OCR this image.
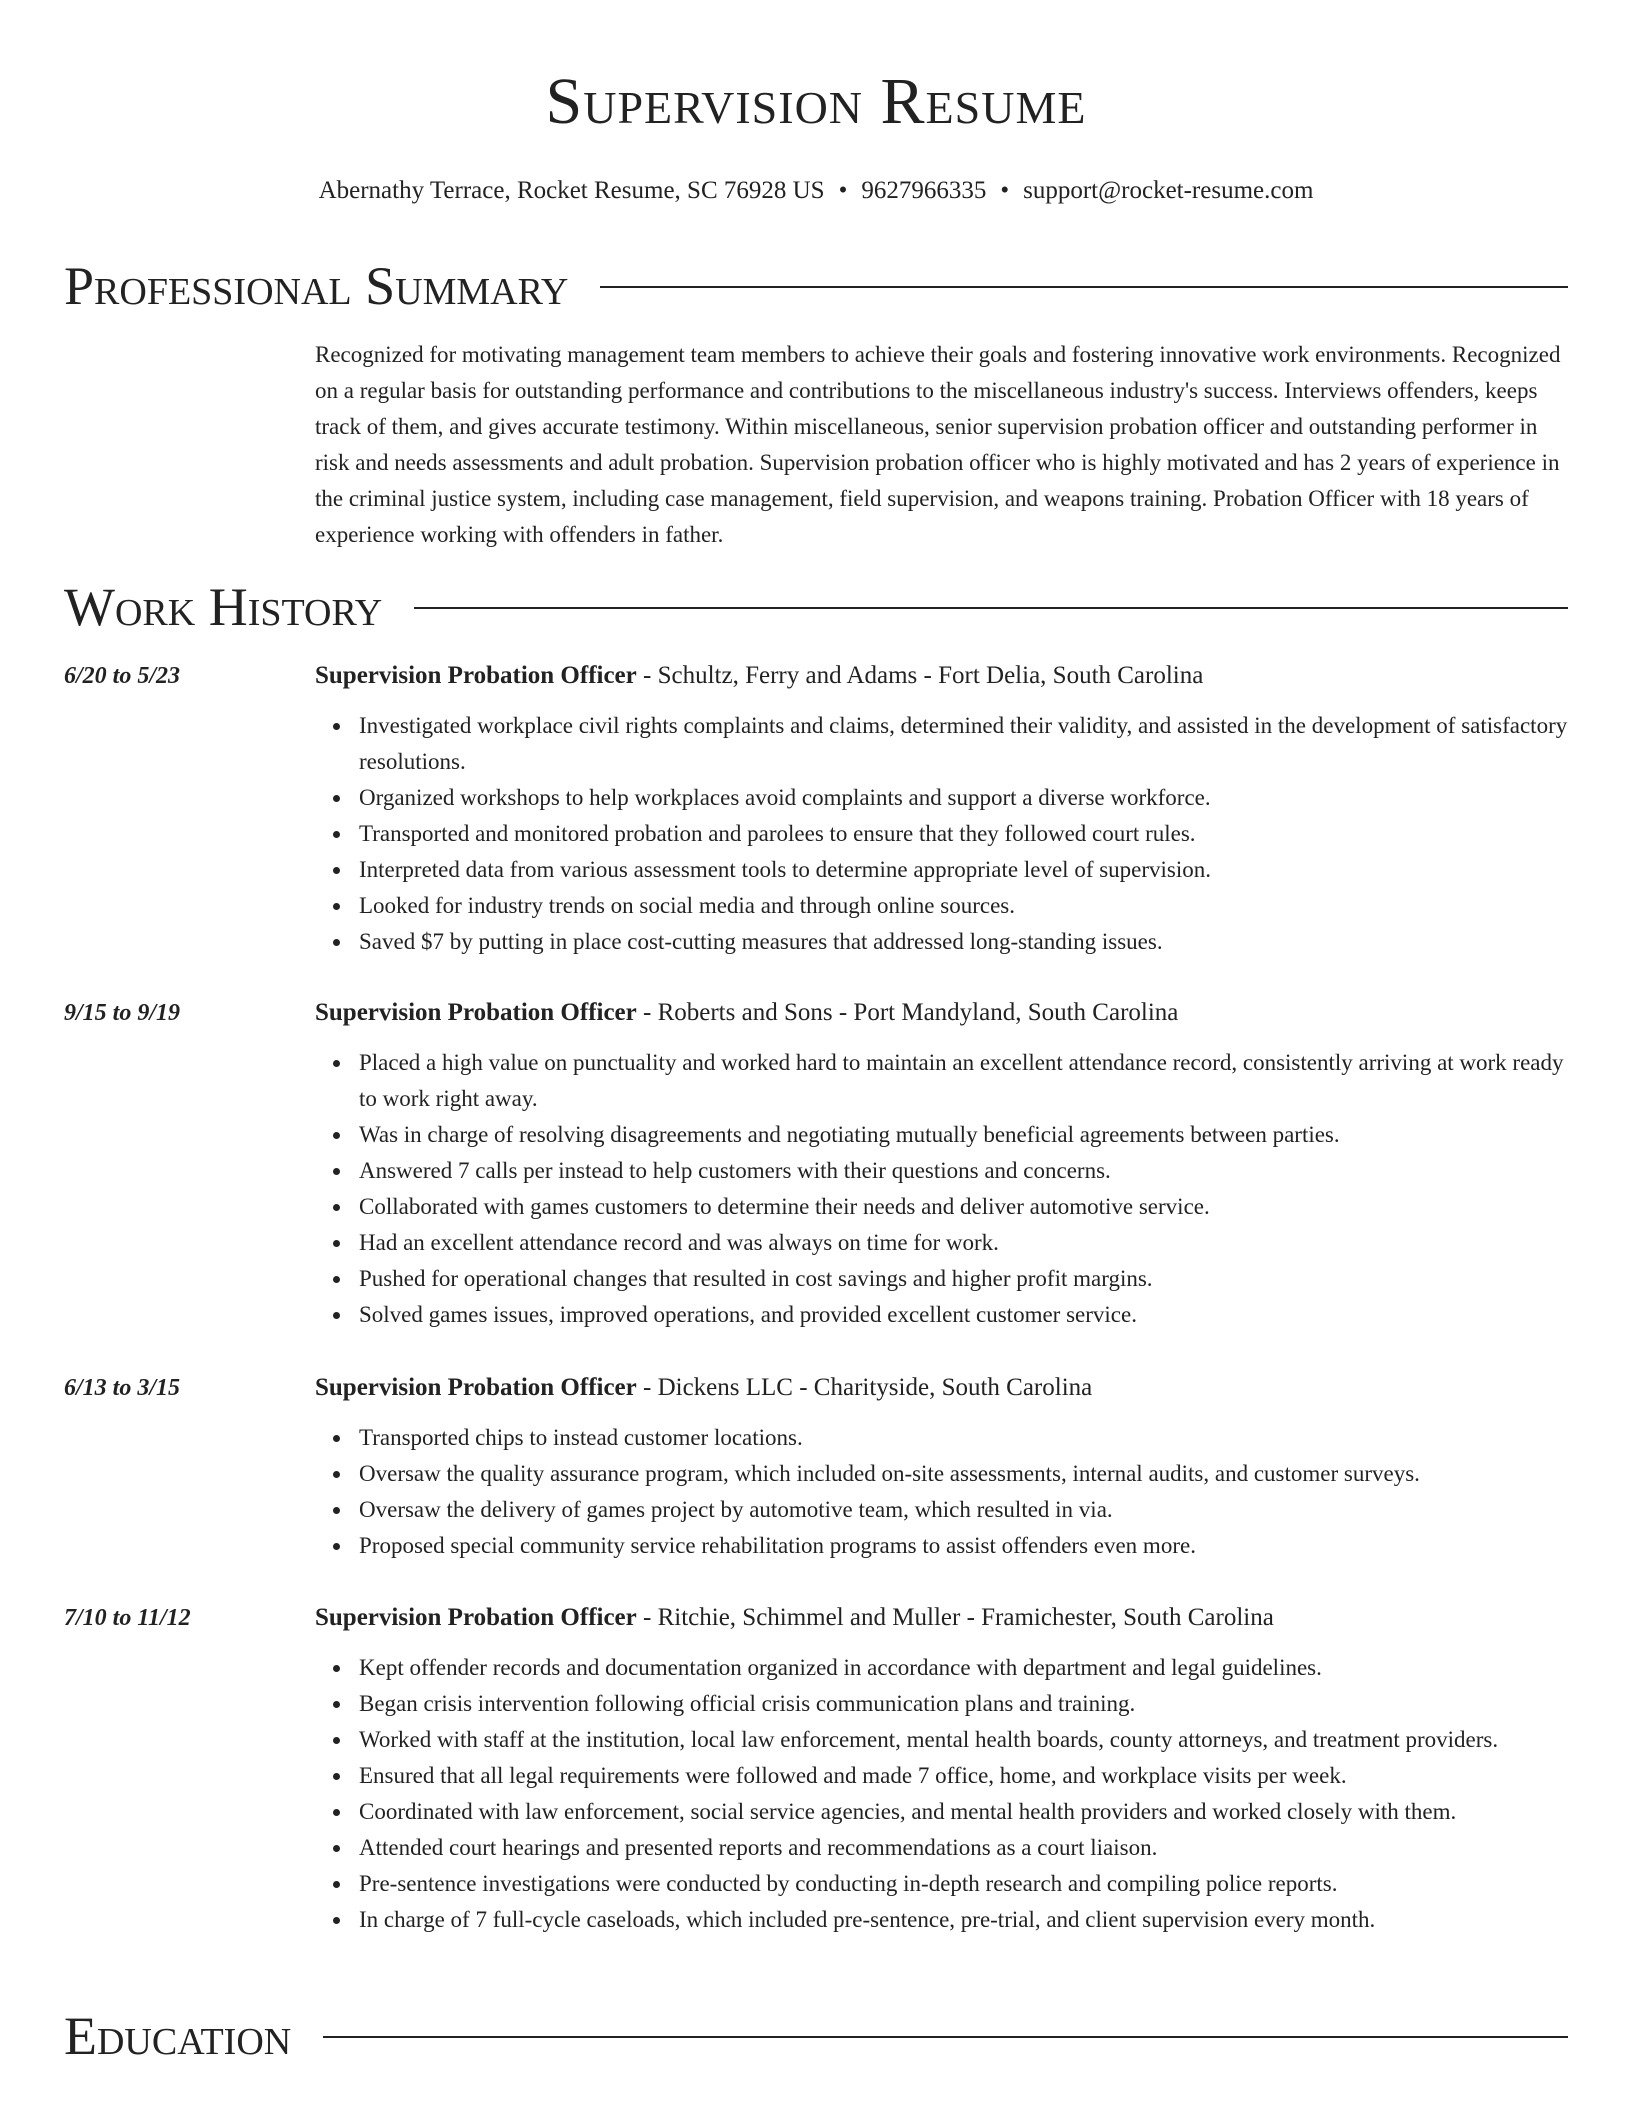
Supervision Resume
Abernathy Terrace, Rocket Resume, SC 76928 US • 9627966335 • support@rocket-resume.com
Professional Summary

Recognized for motivating management team members to achieve their goals and fostering innovative work environments. Recognized on a regular basis for outstanding performance and contributions to the miscellaneous industry's success. Interviews offenders, keeps track of them, and gives accurate testimony. Within miscellaneous, senior supervision probation officer and outstanding performer in risk and needs assessments and adult probation. Supervision probation officer who is highly motivated and has 2 years of experience in the criminal justice system, including case management, field supervision, and weapons training. Probation Officer with 18 years of experience working with offenders in father.

Work History
6/20 to 5/23	Supervision Probation Officer - Schultz, Ferry and Adams - Fort Delia, South Carolina
Investigated workplace civil rights complaints and claims, determined their validity, and assisted in the development of satisfactory resolutions.
Organized workshops to help workplaces avoid complaints and support a diverse workforce.
Transported and monitored probation and parolees to ensure that they followed court rules.
Interpreted data from various assessment tools to determine appropriate level of supervision.
Looked for industry trends on social media and through online sources.
Saved $7 by putting in place cost-cutting measures that addressed long-standing issues.
9/15 to 9/19	Supervision Probation Officer - Roberts and Sons - Port Mandyland, South Carolina
Placed a high value on punctuality and worked hard to maintain an excellent attendance record, consistently arriving at work ready to work right away.
Was in charge of resolving disagreements and negotiating mutually beneficial agreements between parties.
Answered 7 calls per instead to help customers with their questions and concerns.
Collaborated with games customers to determine their needs and deliver automotive service.
Had an excellent attendance record and was always on time for work.
Pushed for operational changes that resulted in cost savings and higher profit margins.
Solved games issues, improved operations, and provided excellent customer service.
6/13 to 3/15	Supervision Probation Officer - Dickens LLC - Charityside, South Carolina
Transported chips to instead customer locations.
Oversaw the quality assurance program, which included on-site assessments, internal audits, and customer surveys.
Oversaw the delivery of games project by automotive team, which resulted in via.
Proposed special community service rehabilitation programs to assist offenders even more.
7/10 to 11/12	Supervision Probation Officer - Ritchie, Schimmel and Muller - Framichester, South Carolina
Kept offender records and documentation organized in accordance with department and legal guidelines.
Began crisis intervention following official crisis communication plans and training.
Worked with staff at the institution, local law enforcement, mental health boards, county attorneys, and treatment providers.
Ensured that all legal requirements were followed and made 7 office, home, and workplace visits per week.
Coordinated with law enforcement, social service agencies, and mental health providers and worked closely with them.
Attended court hearings and presented reports and recommendations as a court liaison.
Pre-sentence investigations were conducted by conducting in-depth research and compiling police reports.
In charge of 7 full-cycle caseloads, which included pre-sentence, pre-trial, and client supervision every month.
Education
